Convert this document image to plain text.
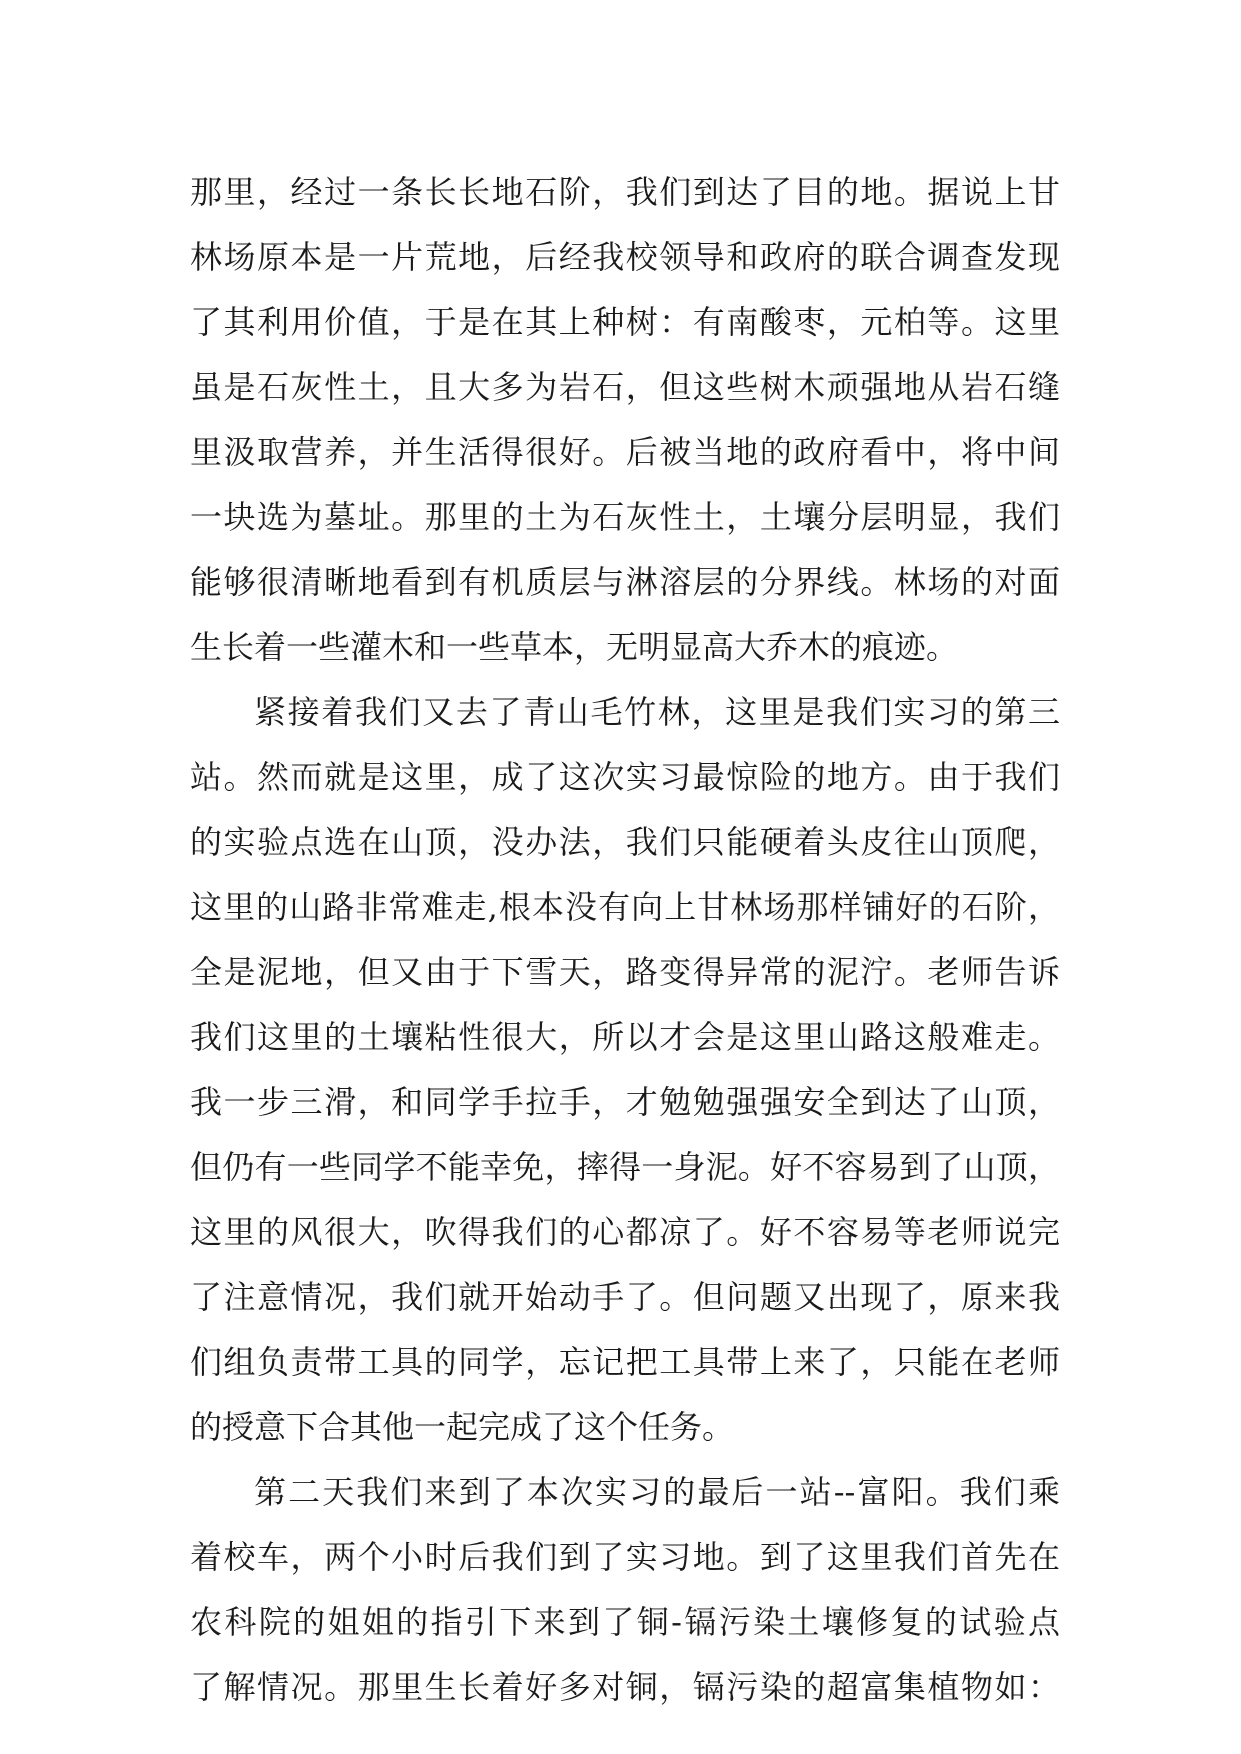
那里，经过一条长长地石阶，我们到达了目的地。据说上甘
林场原本是一片荒地，后经我校领导和政府的联合调查发现
了其利用价值，于是在其上种树：有南酸枣，元柏等。这里
虽是石灰性土，且大多为岩石，但这些树木顽强地从岩石缝
里汲取营养，并生活得很好。后被当地的政府看中，将中间
一块选为墓址。那里的土为石灰性土，土壤分层明显，我们
能够很清晰地看到有机质层与淋溶层的分界线。林场的对面
生长着一些灌木和一些草本，无明显高大乔木的痕迹。
紧接着我们又去了青山毛竹林，这里是我们实习的第三
站。然而就是这里，成了这次实习最惊险的地方。由于我们
的实验点选在山顶，没办法，我们只能硬着头皮往山顶爬，
这里的山路非常难走,根本没有向上甘林场那样铺好的石阶，
全是泥地，但又由于下雪天，路变得异常的泥泞。老师告诉
我们这里的土壤粘性很大，所以才会是这里山路这般难走。
我一步三滑，和同学手拉手，才勉勉强强安全到达了山顶，
但仍有一些同学不能幸免，摔得一身泥。好不容易到了山顶，
这里的风很大，吹得我们的心都凉了。好不容易等老师说完
了注意情况，我们就开始动手了。但问题又出现了，原来我
们组负责带工具的同学，忘记把工具带上来了，只能在老师
的授意下合其他一起完成了这个任务。
第二天我们来到了本次实习的最后一站--富阳。我们乘
着校车，两个小时后我们到了实习地。到了这里我们首先在
农科院的姐姐的指引下来到了铜-镉污染土壤修复的试验点
了解情况。那里生长着好多对铜，镉污染的超富集植物如：
